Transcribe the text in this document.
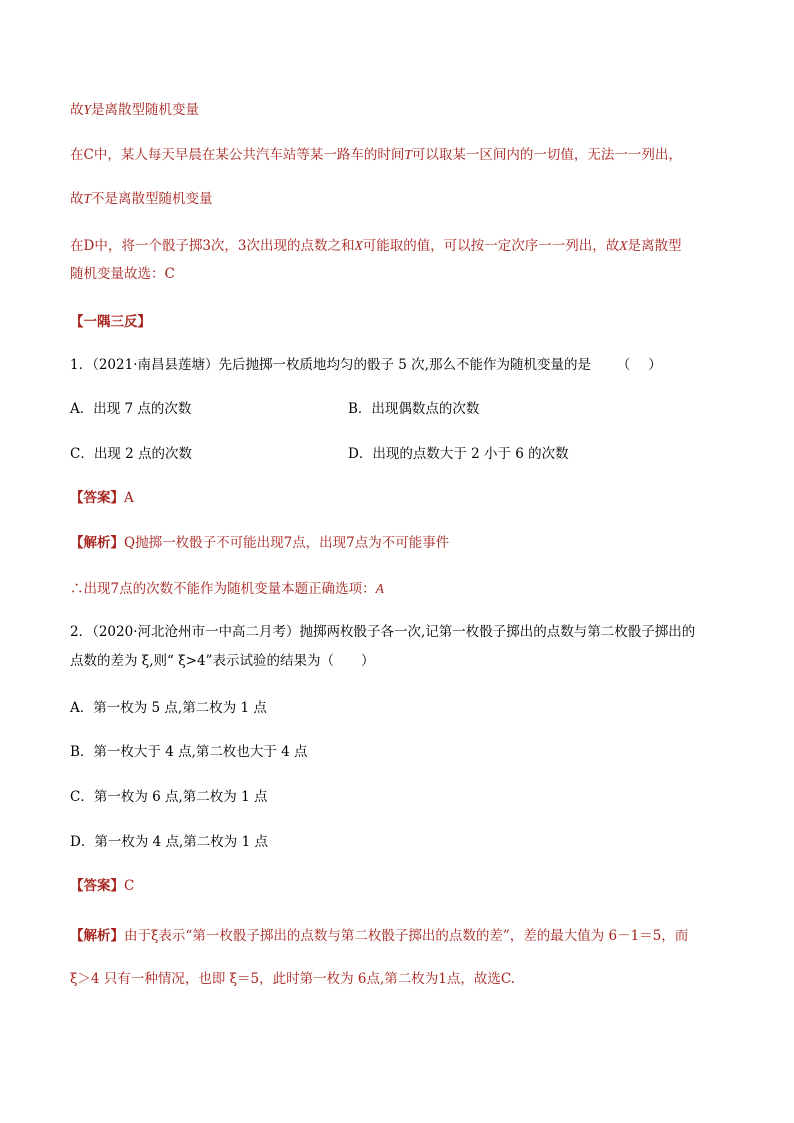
故Y是离散型随机变量
在C中，某人每天早晨在某公共汽车站等某一路车的时间T可以取某一区间内的一切值，无法一一列出，
故T不是离散型随机变量
在D中，将一个骰子掷3次，3次出现的点数之和X可能取的值，可以按一定次序一一列出，故X是离散型
随机变量故选：C
【一隅三反】
1．（2021·南昌县莲塘）先后抛掷一枚质地均匀的骰子 5 次,那么不能作为随机变量的是 （ ）
A．出现 7 点的次数	B．出现偶数点的次数
C．出现 2 点的次数	D．出现的点数大于 2 小于 6 的次数
【答案】A
【解析】Q抛掷一枚骰子不可能出现7点，出现7点为不可能事件
∴出现7点的次数不能作为随机变量本题正确选项：A
2．（2020·河北沧州市一中高二月考）抛掷两枚骰子各一次,记第一枚骰子掷出的点数与第二枚骰子掷出的
点数的差为 ξ,则“ ξ>4”表示试验的结果为（　　）
A．第一枚为 5 点,第二枚为 1 点
B．第一枚大于 4 点,第二枚也大于 4 点
C．第一枚为 6 点,第二枚为 1 点
D．第一枚为 4 点,第二枚为 1 点
【答案】C
【解析】由于ξ表示“第一枚骰子掷出的点数与第二枚骰子掷出的点数的差”，差的最大值为 6－1＝5，而
ξ＞4 只有一种情况，也即 ξ＝5，此时第一枚为 6点,第二枚为1点，故选C.
